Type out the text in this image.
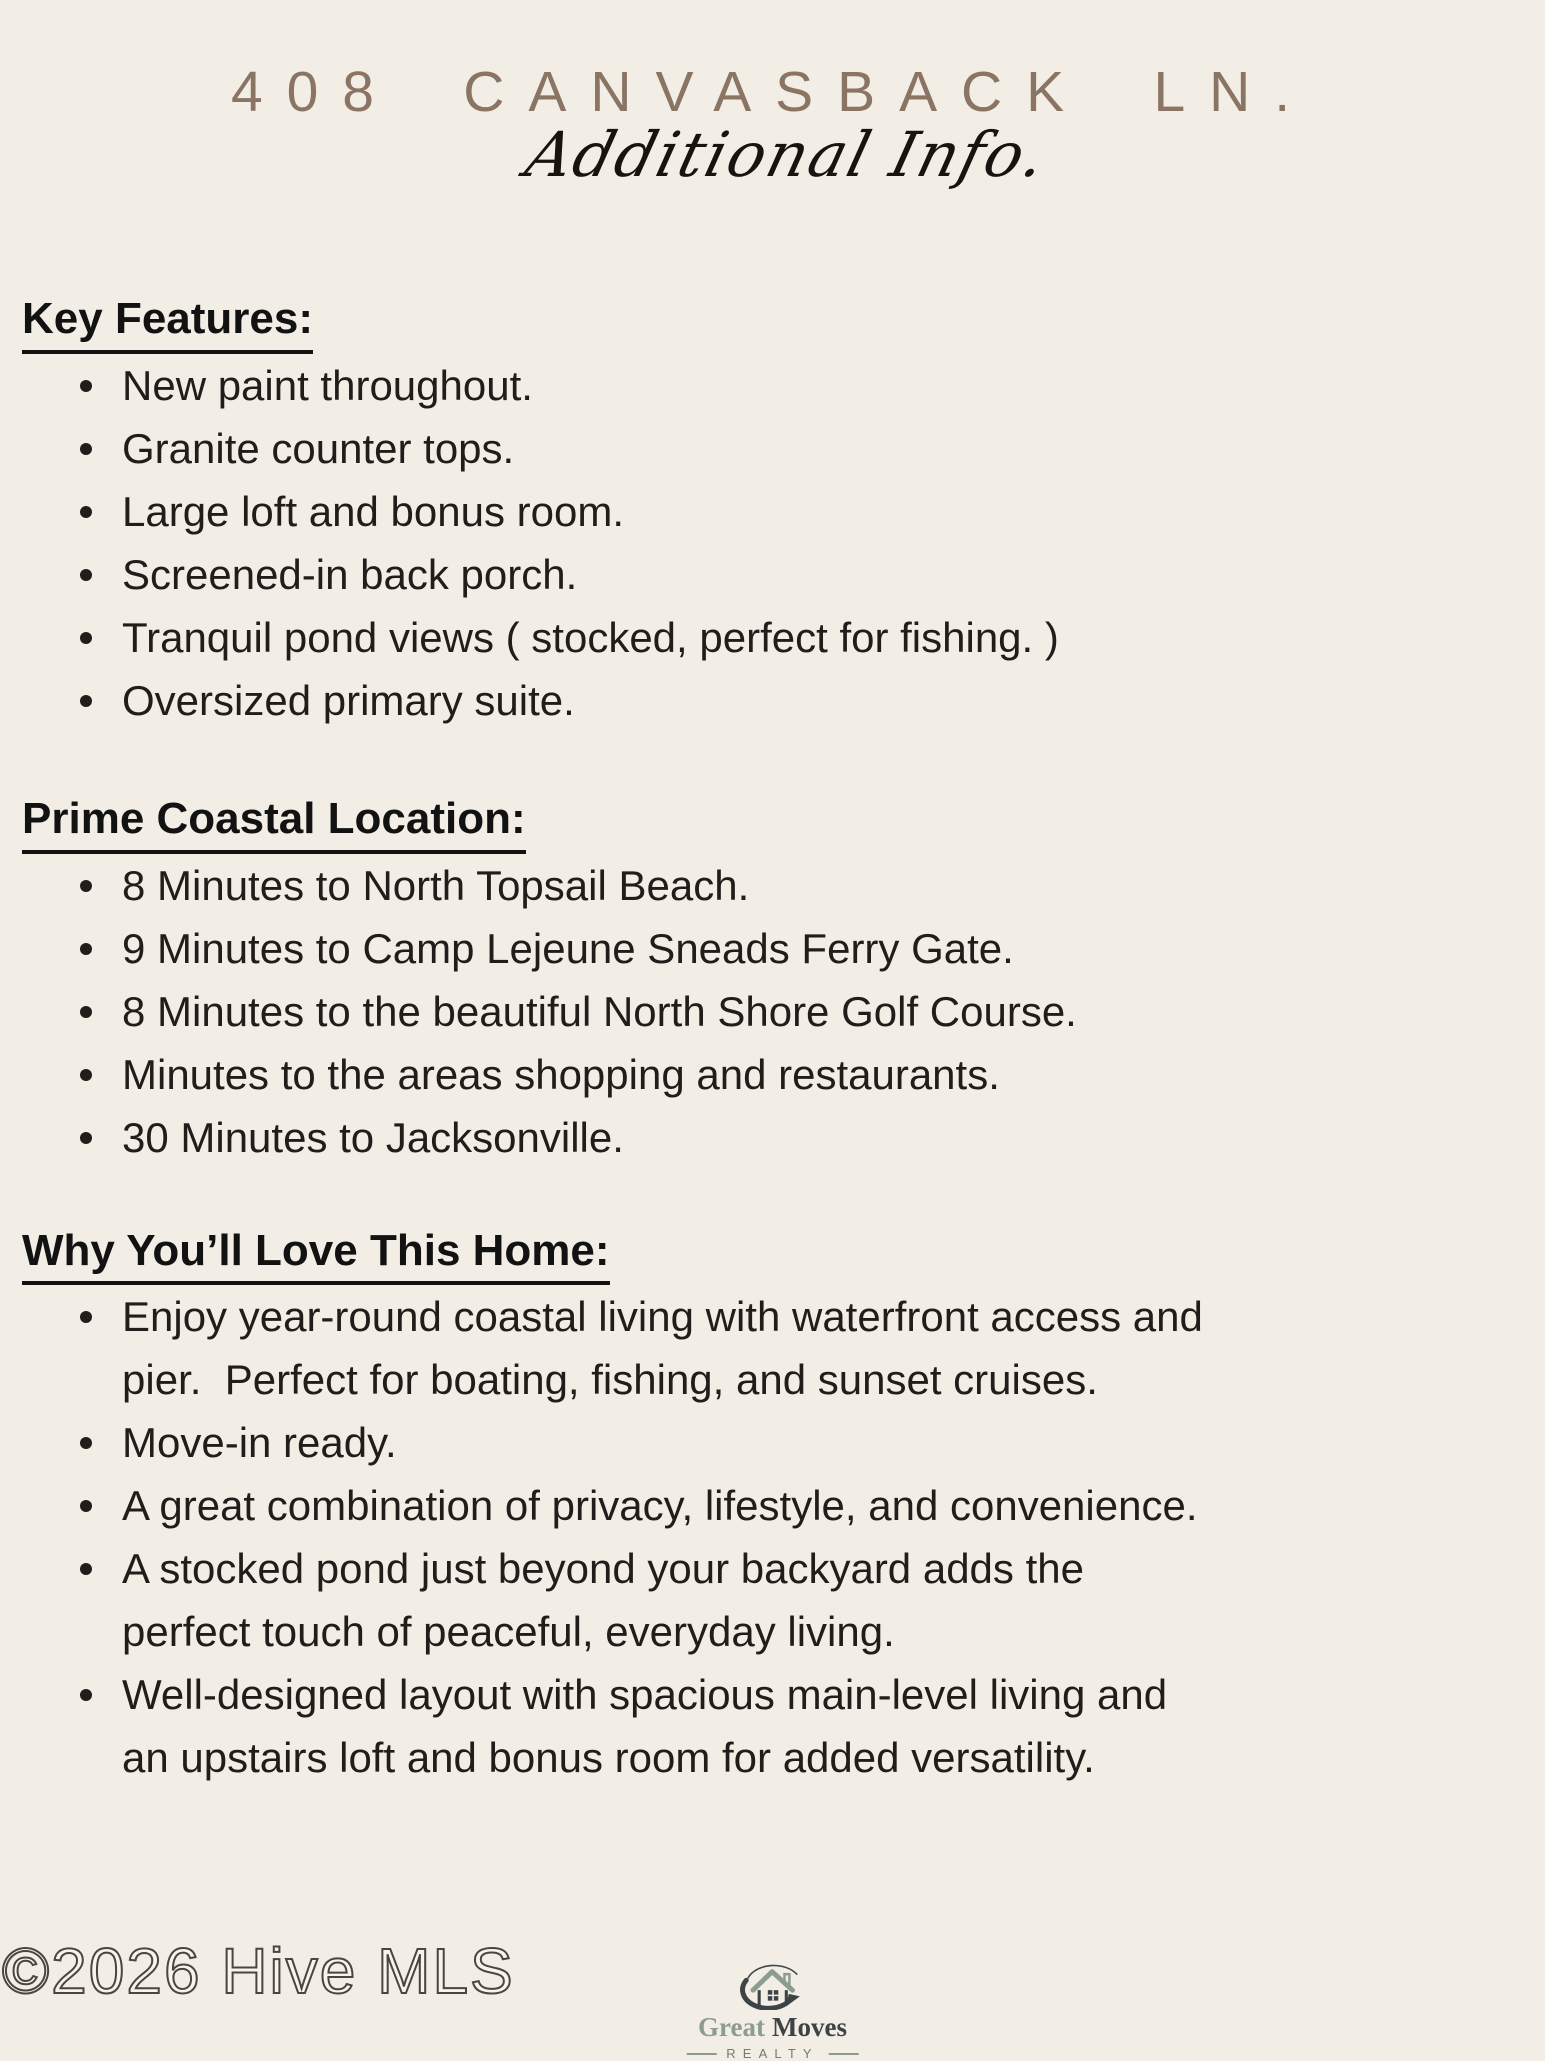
408 CANVASBACK LN.
Additional Info.
Key Features:
New paint throughout.
Granite counter tops.
Large loft and bonus room.
Screened-in back porch.
Tranquil pond views ( stocked, perfect for fishing. )
Oversized primary suite.
Prime Coastal Location:
8 Minutes to North Topsail Beach.
9 Minutes to Camp Lejeune Sneads Ferry Gate.
8 Minutes to the beautiful North Shore Golf Course.
Minutes to the areas shopping and restaurants.
30 Minutes to Jacksonville.
Why You’ll Love This Home:
Enjoy year-round coastal living with waterfront access and
pier.  Perfect for boating, fishing, and sunset cruises.
Move-in ready.
A great combination of privacy, lifestyle, and convenience.
A stocked pond just beyond your backyard adds the
perfect touch of peaceful, everyday living.
Well-designed layout with spacious main-level living and
an upstairs loft and bonus room for added versatility.
©2026 Hive MLS
Great Moves
REALTY
